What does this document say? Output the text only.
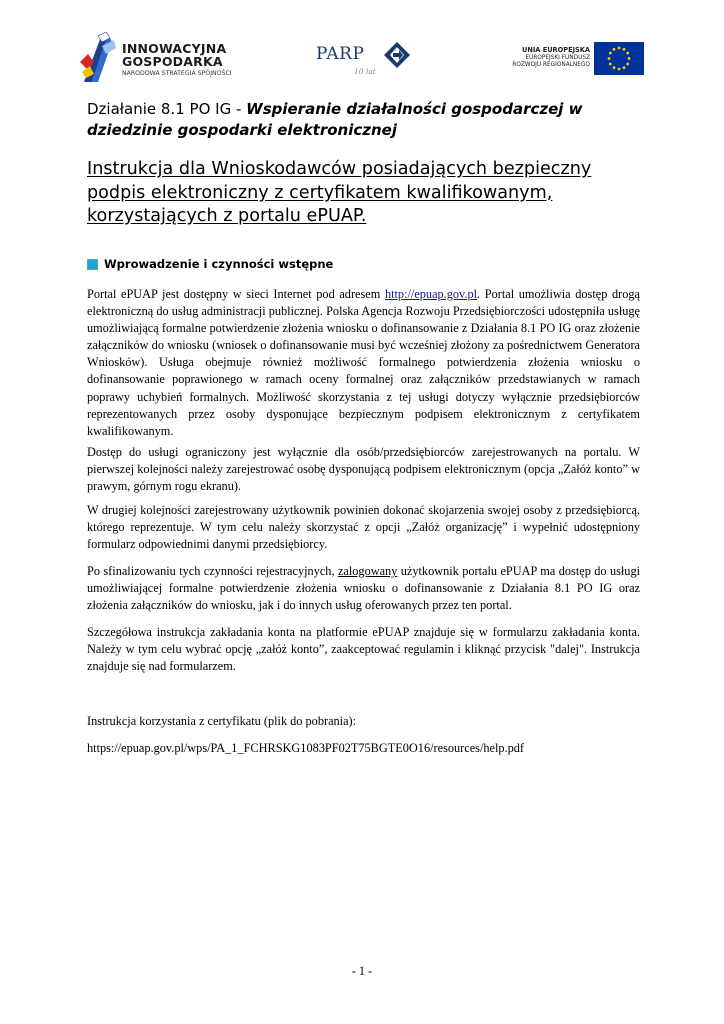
INNOWACYJNA
GOSPODARKA
NARODOWA STRATEGIA SPÓJNOŚCI
PARP
10 lat
UNIA EUROPEJSKA
EUROPEJSKI FUNDUSZ
ROZWOJU REGIONALNEGO
Działanie 8.1 PO IG - Wspieranie działalności gospodarczej w dziedzinie gospodarki elektronicznej
Instrukcja dla Wnioskodawców posiadających bezpieczny podpis elektroniczny z certyfikatem kwalifikowanym, korzystających z portalu ePUAP.
Wprowadzenie i czynności wstępne
Portal ePUAP jest dostępny w sieci Internet pod adresem http://epuap.gov.pl. Portal umożliwia dostęp drogą elektroniczną do usług administracji publicznej. Polska Agencja Rozwoju Przedsiębiorczości udostępniła usługę umożliwiającą formalne potwierdzenie złożenia wniosku o dofinansowanie z Działania 8.1 PO IG oraz złożenie załączników do wniosku (wniosek o dofinansowanie musi być wcześniej złożony za pośrednictwem Generatora Wniosków). Usługa obejmuje również możliwość formalnego potwierdzenia złożenia wniosku o dofinansowanie poprawionego w ramach oceny formalnej oraz załączników przedstawianych w ramach poprawy uchybień formalnych. Możliwość skorzystania z tej usługi dotyczy wyłącznie przedsiębiorców reprezentowanych przez osoby dysponujące bezpiecznym podpisem elektronicznym z certyfikatem kwalifikowanym.
Dostęp do usługi ograniczony jest wyłącznie dla osób/przedsiębiorców zarejestrowanych na portalu. W pierwszej kolejności należy zarejestrować osobę dysponującą podpisem elektronicznym (opcja „Załóż konto” w prawym, górnym rogu ekranu).
W drugiej kolejności zarejestrowany użytkownik powinien dokonać skojarzenia swojej osoby z przedsiębiorcą, którego reprezentuje. W tym celu należy skorzystać z opcji „Załóż organizację” i wypełnić udostępniony formularz odpowiednimi danymi przedsiębiorcy.
Po sfinalizowaniu tych czynności rejestracyjnych, zalogowany użytkownik portalu ePUAP ma dostęp do usługi umożliwiającej formalne potwierdzenie złożenia wniosku o dofinansowanie z Działania 8.1 PO IG oraz złożenia załączników do wniosku, jak i do innych usług oferowanych przez ten portal.
Szczegółowa instrukcja zakładania konta na platformie ePUAP znajduje się w formularzu zakładania konta. Należy w tym celu wybrać opcję „załóż konto”, zaakceptować regulamin i kliknąć przycisk "dalej". Instrukcja znajduje się nad formularzem.
Instrukcja korzystania z certyfikatu (plik do pobrania):
https://epuap.gov.pl/wps/PA_1_FCHRSKG1083PF02T75BGTE0O16/resources/help.pdf
- 1 -
